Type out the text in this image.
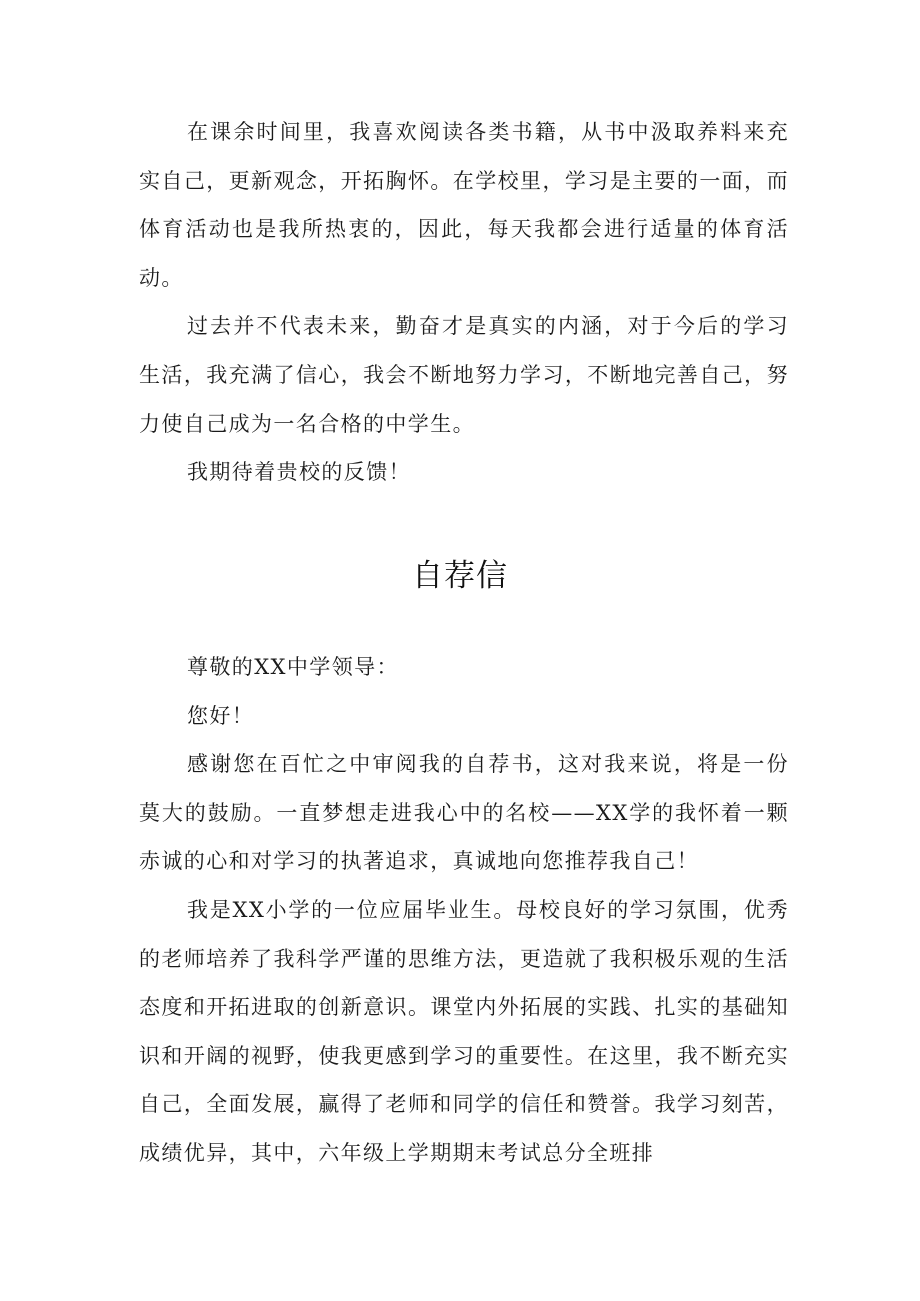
在课余时间里，我喜欢阅读各类书籍，从书中汲取养料来充实自己，更新观念，开拓胸怀。在学校里，学习是主要的一面，而体育活动也是我所热衷的，因此，每天我都会进行适量的体育活动。

过去并不代表未来，勤奋才是真实的内涵，对于今后的学习生活，我充满了信心，我会不断地努力学习，不断地完善自己，努力使自己成为一名合格的中学生。

我期待着贵校的反馈！

自荐信

尊敬的XX中学领导：

您好！

感谢您在百忙之中审阅我的自荐书，这对我来说，将是一份莫大的鼓励。一直梦想走进我心中的名校——XX学的我怀着一颗赤诚的心和对学习的执著追求，真诚地向您推荐我自己！

我是XX小学的一位应届毕业生。母校良好的学习氛围，优秀的老师培养了我科学严谨的思维方法，更造就了我积极乐观的生活态度和开拓进取的创新意识。课堂内外拓展的实践、扎实的基础知识和开阔的视野，使我更感到学习的重要性。在这里，我不断充实自己，全面发展，赢得了老师和同学的信任和赞誉。我学习刻苦，成绩优异，其中，六年级上学期期末考试总分全班排
